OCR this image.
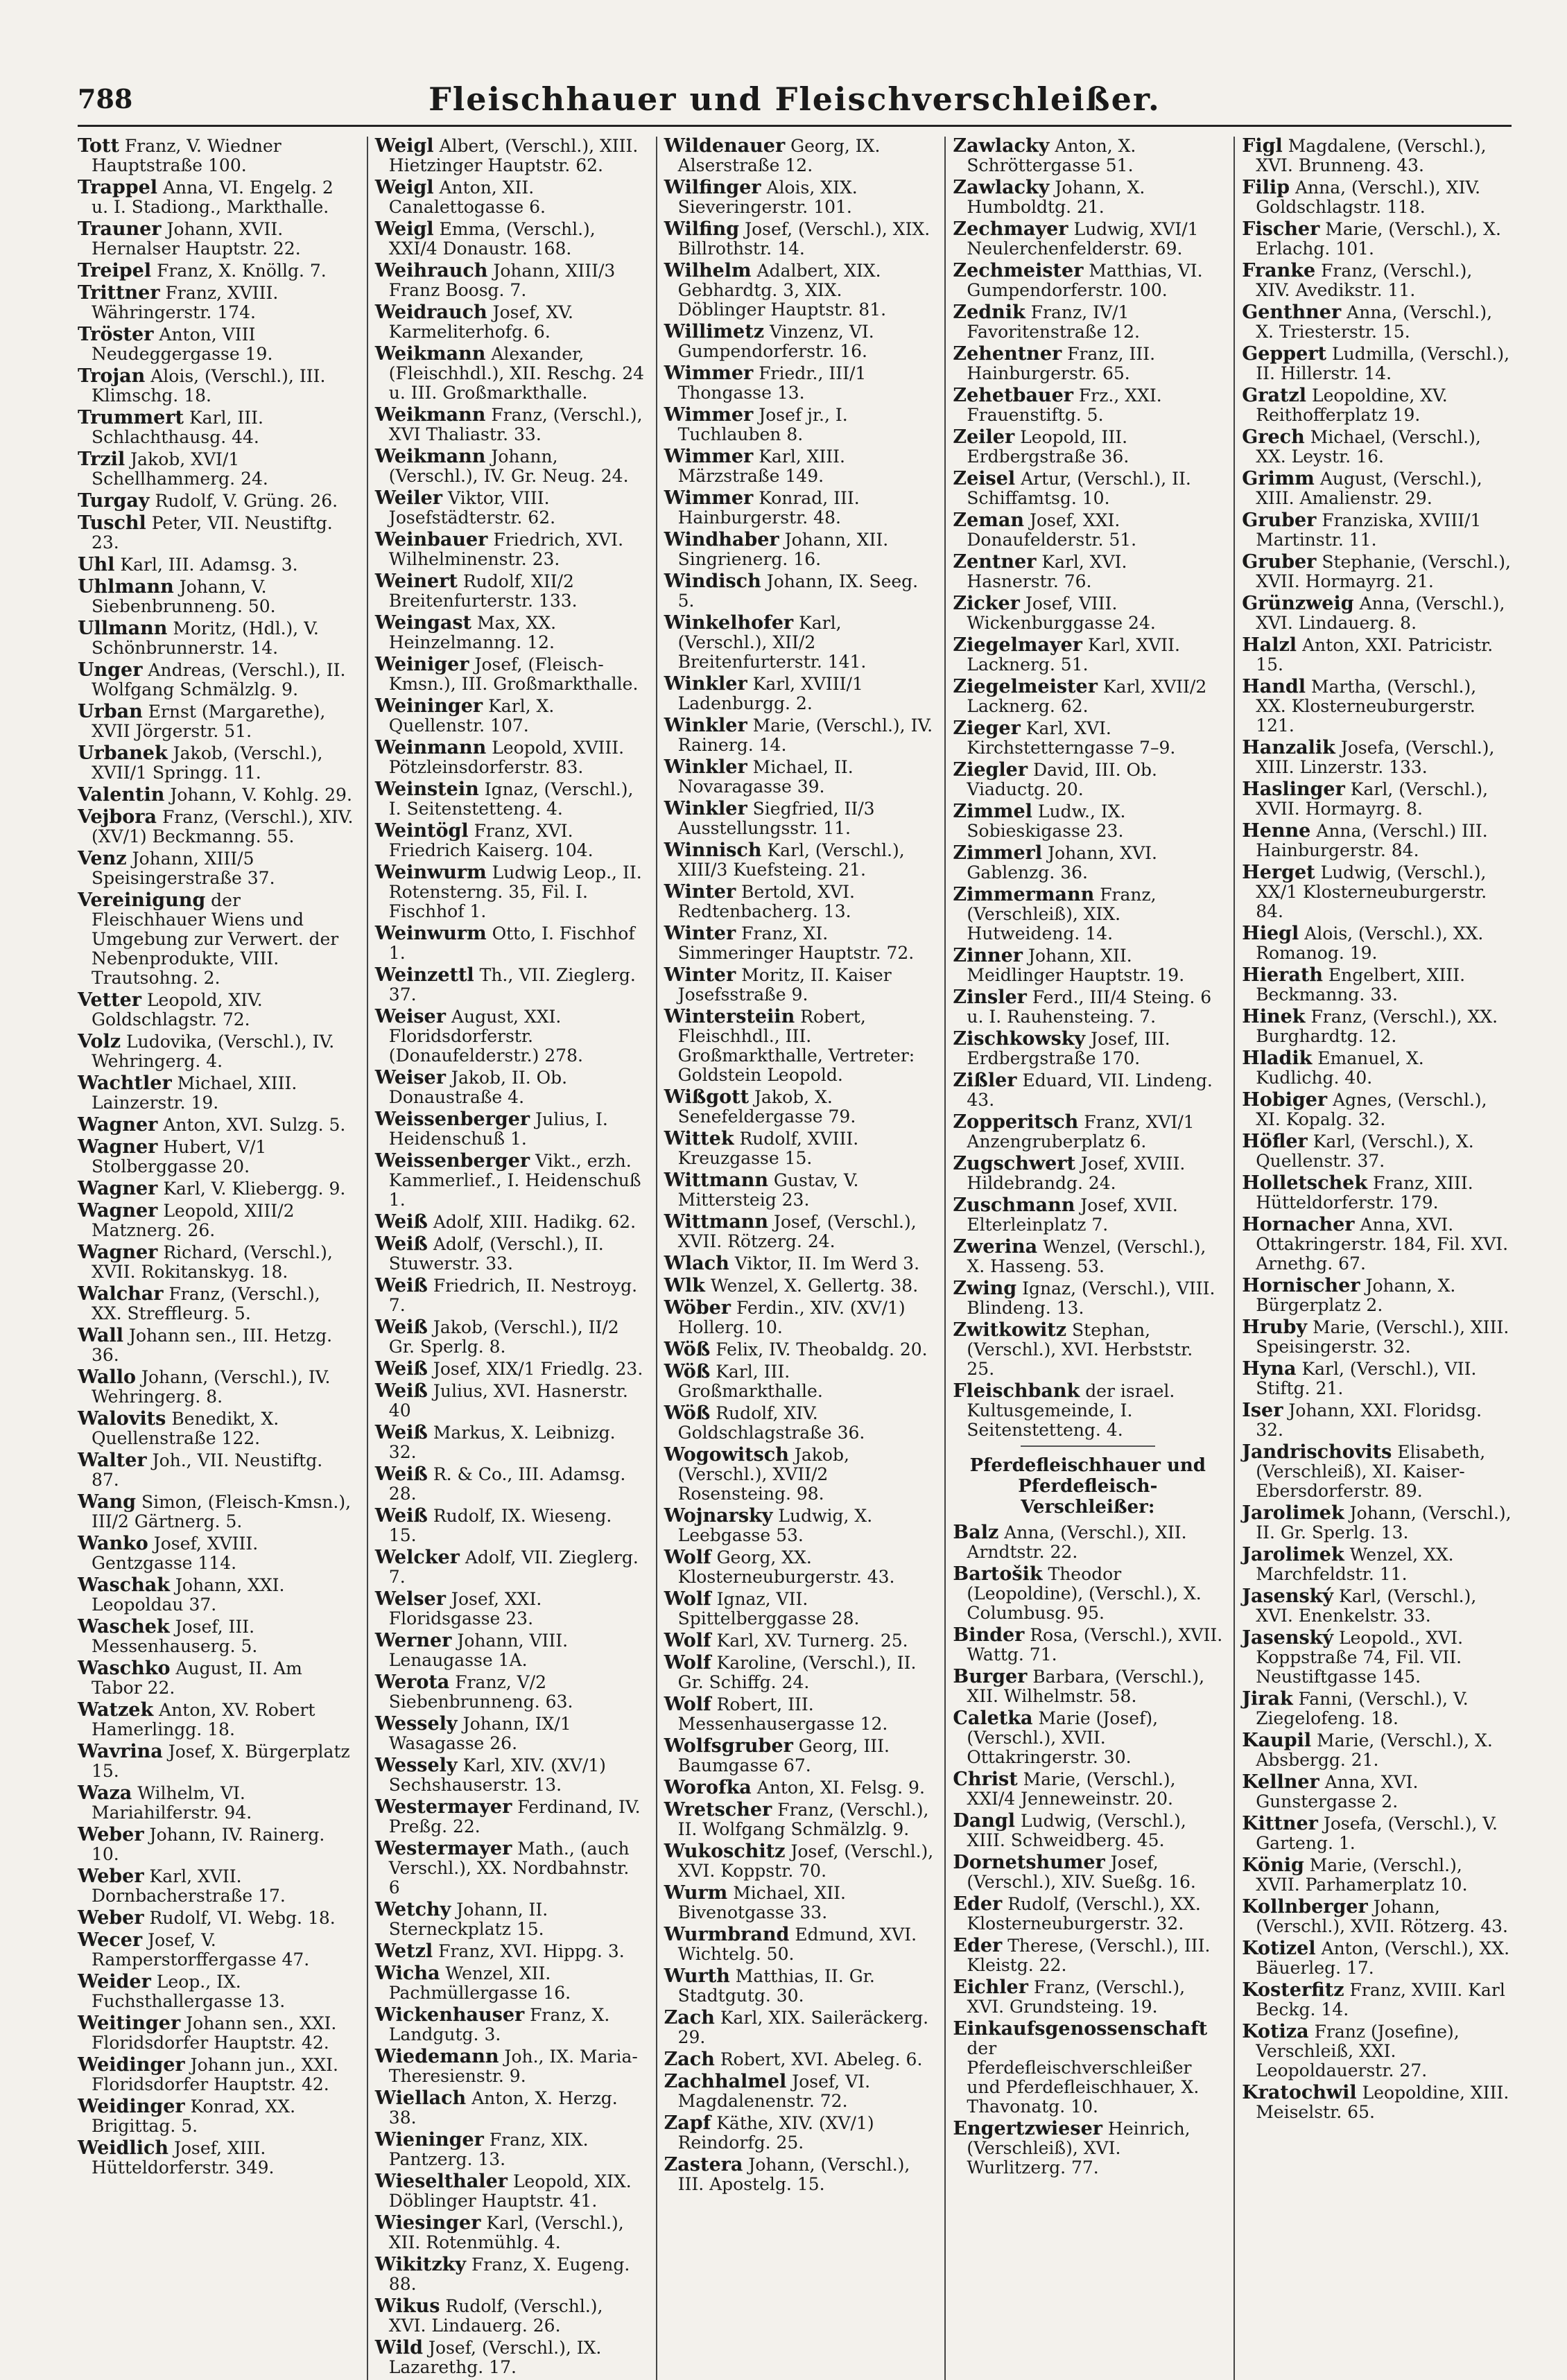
788	Fleischhauer und Fleischverschleißer.

Tott Franz, V. Wiedner Hauptstraße 100.

Trappel Anna, VI. Engelg. 2 u. I. Stadiong., Markthalle.

Trauner Johann, XVII. Hernalser Hauptstr. 22.

Treipel Franz, X. Knöllg. 7.

Trittner Franz, XVIII. Währingerstr. 174.

Tröster Anton, VIII Neudeggergasse 19.

Trojan Alois, (Verschl.), III. Klimschg. 18.

Trummert Karl, III. Schlachthausg. 44.

Trzil Jakob, XVI/1 Schellhammerg. 24.

Turgay Rudolf, V. Grüng. 26.

Tuschl Peter, VII. Neustiftg. 23.

Uhl Karl, III. Adamsg. 3.

Uhlmann Johann, V. Siebenbrunneng. 50.

Ullmann Moritz, (Hdl.), V. Schönbrunnerstr. 14.

Unger Andreas, (Verschl.), II. Wolfgang Schmälzlg. 9.

Urban Ernst (Margarethe), XVII Jörgerstr. 51.

Urbanek Jakob, (Verschl.), XVII/1 Springg. 11.

Valentin Johann, V. Kohlg. 29.

Vejbora Franz, (Verschl.), XIV. (XV/1) Beckmanng. 55.

Venz Johann, XIII/5 Speisingerstraße 37.

Vereinigung der Fleischhauer Wiens und Umgebung zur Verwert. der Nebenprodukte, VIII. Trautsohng. 2.

Vetter Leopold, XIV. Goldschlagstr. 72.

Volz Ludovika, (Verschl.), IV. Wehringerg. 4.

Wachtler Michael, XIII. Lainzerstr. 19.

Wagner Anton, XVI. Sulzg. 5.

Wagner Hubert, V/1 Stolberggasse 20.

Wagner Karl, V. Kliebergg. 9.

Wagner Leopold, XIII/2 Matznerg. 26.

Wagner Richard, (Verschl.), XVII. Rokitanskyg. 18.

Walchar Franz, (Verschl.), XX. Streffleurg. 5.

Wall Johann sen., III. Hetzg. 36.

Wallo Johann, (Verschl.), IV. Wehringerg. 8.

Walovits Benedikt, X. Quellenstraße 122.

Walter Joh., VII. Neustiftg. 87.

Wang Simon, (Fleisch-Kmsn.), III/2 Gärtnerg. 5.

Wanko Josef, XVIII. Gentzgasse 114.

Waschak Johann, XXI. Leopoldau 37.

Waschek Josef, III. Messenhauserg. 5.

Waschko August, II. Am Tabor 22.

Watzek Anton, XV. Robert Hamerlingg. 18.

Wavrina Josef, X. Bürgerplatz 15.

Waza Wilhelm, VI. Mariahilferstr. 94.

Weber Johann, IV. Rainerg. 10.

Weber Karl, XVII. Dornbacherstraße 17.

Weber Rudolf, VI. Webg. 18.

Wecer Josef, V. Ramperstorffergasse 47.

Weider Leop., IX. Fuchsthallergasse 13.

Weitinger Johann sen., XXI. Floridsdorfer Hauptstr. 42.

Weidinger Johann jun., XXI. Floridsdorfer Hauptstr. 42.

Weidinger Konrad, XX. Brigittag. 5.

Weidlich Josef, XIII. Hütteldorferstr. 349.

Weigl Albert, (Verschl.), XIII. Hietzinger Hauptstr. 62.

Weigl Anton, XII. Canalettogasse 6.

Weigl Emma, (Verschl.), XXI/4 Donaustr. 168.

Weihrauch Johann, XIII/3 Franz Boosg. 7.

Weidrauch Josef, XV. Karmeliterhofg. 6.

Weikmann Alexander, (Fleischhdl.), XII. Reschg. 24 u. III. Großmarkthalle.

Weikmann Franz, (Verschl.), XVI Thaliastr. 33.

Weikmann Johann, (Verschl.), IV. Gr. Neug. 24.

Weiler Viktor, VIII. Josefstädterstr. 62.

Weinbauer Friedrich, XVI. Wilhelminenstr. 23.

Weinert Rudolf, XII/2 Breitenfurterstr. 133.

Weingast Max, XX. Heinzelmanng. 12.

Weiniger Josef, (Fleisch-Kmsn.), III. Großmarkthalle.

Weininger Karl, X. Quellenstr. 107.

Weinmann Leopold, XVIII. Pötzleinsdorferstr. 83.

Weinstein Ignaz, (Verschl.), I. Seitenstetteng. 4.

Weintögl Franz, XVI. Friedrich Kaiserg. 104.

Weinwurm Ludwig Leop., II. Rotensterng. 35, Fil. I. Fischhof 1.

Weinwurm Otto, I. Fischhof 1.

Weinzettl Th., VII. Zieglerg. 37.

Weiser August, XXI. Floridsdorferstr. (Donaufelderstr.) 278.

Weiser Jakob, II. Ob. Donaustraße 4.

Weissenberger Julius, I. Heidenschuß 1.

Weissenberger Vikt., erzh. Kammerlief., I. Heidenschuß 1.

Weiß Adolf, XIII. Hadikg. 62.

Weiß Adolf, (Verschl.), II. Stuwerstr. 33.

Weiß Friedrich, II. Nestroyg. 7.

Weiß Jakob, (Verschl.), II/2 Gr. Sperlg. 8.

Weiß Josef, XIX/1 Friedlg. 23.

Weiß Julius, XVI. Hasnerstr. 40

Weiß Markus, X. Leibnizg. 32.

Weiß R. & Co., III. Adamsg. 28.

Weiß Rudolf, IX. Wieseng. 15.

Welcker Adolf, VII. Zieglerg. 7.

Welser Josef, XXI. Floridsgasse 23.

Werner Johann, VIII. Lenaugasse 1A.

Werota Franz, V/2 Siebenbrunneng. 63.

Wessely Johann, IX/1 Wasagasse 26.

Wessely Karl, XIV. (XV/1) Sechshauserstr. 13.

Westermayer Ferdinand, IV. Preßg. 22.

Westermayer Math., (auch Verschl.), XX. Nordbahnstr. 6

Wetchy Johann, II. Sterneckplatz 15.

Wetzl Franz, XVI. Hippg. 3.

Wicha Wenzel, XII. Pachmüllergasse 16.

Wickenhauser Franz, X. Landgutg. 3.

Wiedemann Joh., IX. Maria-Theresienstr. 9.

Wiellach Anton, X. Herzg. 38.

Wieninger Franz, XIX. Pantzerg. 13.

Wieselthaler Leopold, XIX. Döblinger Hauptstr. 41.

Wiesinger Karl, (Verschl.), XII. Rotenmühlg. 4.

Wikitzky Franz, X. Eugeng. 88.

Wikus Rudolf, (Verschl.), XVI. Lindauerg. 26.

Wild Josef, (Verschl.), IX. Lazarethg. 17.

Wildenauer Georg, IX. Alserstraße 12.

Wilfinger Alois, XIX. Sieveringerstr. 101.

Wilfing Josef, (Verschl.), XIX. Billrothstr. 14.

Wilhelm Adalbert, XIX. Gebhardtg. 3, XIX. Döblinger Hauptstr. 81.

Willimetz Vinzenz, VI. Gumpendorferstr. 16.

Wimmer Friedr., III/1 Thongasse 13.

Wimmer Josef jr., I. Tuchlauben 8.

Wimmer Karl, XIII. Märzstraße 149.

Wimmer Konrad, III. Hainburgerstr. 48.

Windhaber Johann, XII. Singrienerg. 16.

Windisch Johann, IX. Seeg. 5.

Winkelhofer Karl, (Verschl.), XII/2 Breitenfurterstr. 141.

Winkler Karl, XVIII/1 Ladenburgg. 2.

Winkler Marie, (Verschl.), IV. Rainerg. 14.

Winkler Michael, II. Novaragasse 39.

Winkler Siegfried, II/3 Ausstellungsstr. 11.

Winnisch Karl, (Verschl.), XIII/3 Kuefsteing. 21.

Winter Bertold, XVI. Redtenbacherg. 13.

Winter Franz, XI. Simmeringer Hauptstr. 72.

Winter Moritz, II. Kaiser Josefsstraße 9.

Wintersteiin Robert, Fleischhdl., III. Großmarkthalle, Vertreter: Goldstein Leopold.

Wißgott Jakob, X. Senefeldergasse 79.

Wittek Rudolf, XVIII. Kreuzgasse 15.

Wittmann Gustav, V. Mittersteig 23.

Wittmann Josef, (Verschl.), XVII. Rötzerg. 24.

Wlach Viktor, II. Im Werd 3.

Wlk Wenzel, X. Gellertg. 38.

Wöber Ferdin., XIV. (XV/1) Hollerg. 10.

Wöß Felix, IV. Theobaldg. 20.

Wöß Karl, III. Großmarkthalle.

Wöß Rudolf, XIV. Goldschlagstraße 36.

Wogowitsch Jakob, (Verschl.), XVII/2 Rosensteing. 98.

Wojnarsky Ludwig, X. Leebgasse 53.

Wolf Georg, XX. Klosterneuburgerstr. 43.

Wolf Ignaz, VII. Spittelberggasse 28.

Wolf Karl, XV. Turnerg. 25.

Wolf Karoline, (Verschl.), II. Gr. Schiffg. 24.

Wolf Robert, III. Messenhausergasse 12.

Wolfsgruber Georg, III. Baumgasse 67.

Worofka Anton, XI. Felsg. 9.

Wretscher Franz, (Verschl.), II. Wolfgang Schmälzlg. 9.

Wukoschitz Josef, (Verschl.), XVI. Koppstr. 70.

Wurm Michael, XII. Bivenotgasse 33.

Wurmbrand Edmund, XVI. Wichtelg. 50.

Wurth Matthias, II. Gr. Stadtgutg. 30.

Zach Karl, XIX. Saileräckerg. 29.

Zach Robert, XVI. Abeleg. 6.

Zachhalmel Josef, VI. Magdalenenstr. 72.

Zapf Käthe, XIV. (XV/1) Reindorfg. 25.

Zastera Johann, (Verschl.), III. Apostelg. 15.

Zawlacky Anton, X. Schröttergasse 51.

Zawlacky Johann, X. Humboldtg. 21.

Zechmayer Ludwig, XVI/1 Neulerchenfelderstr. 69.

Zechmeister Matthias, VI. Gumpendorferstr. 100.

Zednik Franz, IV/1 Favoritenstraße 12.

Zehentner Franz, III. Hainburgerstr. 65.

Zehetbauer Frz., XXI. Frauenstiftg. 5.

Zeiler Leopold, III. Erdbergstraße 36.

Zeisel Artur, (Verschl.), II. Schiffamtsg. 10.

Zeman Josef, XXI. Donaufelderstr. 51.

Zentner Karl, XVI. Hasnerstr. 76.

Zicker Josef, VIII. Wickenburggasse 24.

Ziegelmayer Karl, XVII. Lacknerg. 51.

Ziegelmeister Karl, XVII/2 Lacknerg. 62.

Zieger Karl, XVI. Kirchstetterngasse 7–9.

Ziegler David, III. Ob. Viaductg. 20.

Zimmel Ludw., IX. Sobieskigasse 23.

Zimmerl Johann, XVI. Gablenzg. 36.

Zimmermann Franz, (Verschleiß), XIX. Hutweideng. 14.

Zinner Johann, XII. Meidlinger Hauptstr. 19.

Zinsler Ferd., III/4 Steing. 6 u. I. Rauhensteing. 7.

Zischkowsky Josef, III. Erdbergstraße 170.

Zißler Eduard, VII. Lindeng. 43.

Zopperitsch Franz, XVI/1 Anzengruberplatz 6.

Zugschwert Josef, XVIII. Hildebrandg. 24.

Zuschmann Josef, XVII. Elterleinplatz 7.

Zwerina Wenzel, (Verschl.), X. Hasseng. 53.

Zwing Ignaz, (Verschl.), VIII. Blindeng. 13.

Zwitkowitz Stephan, (Verschl.), XVI. Herbststr. 25.

Fleischbank der israel. Kultusgemeinde, I. Seitenstetteng. 4.

Pferdefleischhauer und Pferdefleisch-Verschleißer:

Balz Anna, (Verschl.), XII. Arndtstr. 22.

Bartošik Theodor (Leopoldine), (Verschl.), X. Columbusg. 95.

Binder Rosa, (Verschl.), XVII. Wattg. 71.

Burger Barbara, (Verschl.), XII. Wilhelmstr. 58.

Caletka Marie (Josef), (Verschl.), XVII. Ottakringerstr. 30.

Christ Marie, (Verschl.), XXI/4 Jenneweinstr. 20.

Dangl Ludwig, (Verschl.), XIII. Schweidberg. 45.

Dornetshumer Josef, (Verschl.), XIV. Sueßg. 16.

Eder Rudolf, (Verschl.), XX. Klosterneuburgerstr. 32.

Eder Therese, (Verschl.), III. Kleistg. 22.

Eichler Franz, (Verschl.), XVI. Grundsteing. 19.

Einkaufsgenossenschaft der Pferdefleischverschleißer und Pferdefleischhauer, X. Thavonatg. 10.

Engertzwieser Heinrich, (Verschleiß), XVI. Wurlitzerg. 77.

Figl Magdalene, (Verschl.), XVI. Brunneng. 43.

Filip Anna, (Verschl.), XIV. Goldschlagstr. 118.

Fischer Marie, (Verschl.), X. Erlachg. 101.

Franke Franz, (Verschl.), XIV. Avedikstr. 11.

Genthner Anna, (Verschl.), X. Triesterstr. 15.

Geppert Ludmilla, (Verschl.), II. Hillerstr. 14.

Gratzl Leopoldine, XV. Reithofferplatz 19.

Grech Michael, (Verschl.), XX. Leystr. 16.

Grimm August, (Verschl.), XIII. Amalienstr. 29.

Gruber Franziska, XVIII/1 Martinstr. 11.

Gruber Stephanie, (Verschl.), XVII. Hormayrg. 21.

Grünzweig Anna, (Verschl.), XVI. Lindauerg. 8.

Halzl Anton, XXI. Patricistr. 15.

Handl Martha, (Verschl.), XX. Klosterneuburgerstr. 121.

Hanzalik Josefa, (Verschl.), XIII. Linzerstr. 133.

Haslinger Karl, (Verschl.), XVII. Hormayrg. 8.

Henne Anna, (Verschl.) III. Hainburgerstr. 84.

Herget Ludwig, (Verschl.), XX/1 Klosterneuburgerstr. 84.

Hiegl Alois, (Verschl.), XX. Romanog. 19.

Hierath Engelbert, XIII. Beckmanng. 33.

Hinek Franz, (Verschl.), XX. Burghardtg. 12.

Hladik Emanuel, X. Kudlichg. 40.

Hobiger Agnes, (Verschl.), XI. Kopalg. 32.

Höfler Karl, (Verschl.), X. Quellenstr. 37.

Holletschek Franz, XIII. Hütteldorferstr. 179.

Hornacher Anna, XVI. Ottakringerstr. 184, Fil. XVI. Arnethg. 67.

Hornischer Johann, X. Bürgerplatz 2.

Hruby Marie, (Verschl.), XIII. Speisingerstr. 32.

Hyna Karl, (Verschl.), VII. Stiftg. 21.

Iser Johann, XXI. Floridsg. 32.

Jandrischovits Elisabeth, (Verschleiß), XI. Kaiser-Ebersdorferstr. 89.

Jarolimek Johann, (Verschl.), II. Gr. Sperlg. 13.

Jarolimek Wenzel, XX. Marchfeldstr. 11.

Jasenský Karl, (Verschl.), XVI. Enenkelstr. 33.

Jasenský Leopold., XVI. Koppstraße 74, Fil. VII. Neustiftgasse 145.

Jirak Fanni, (Verschl.), V. Ziegelofeng. 18.

Kaupil Marie, (Verschl.), X. Absbergg. 21.

Kellner Anna, XVI. Gunstergasse 2.

Kittner Josefa, (Verschl.), V. Garteng. 1.

König Marie, (Verschl.), XVII. Parhamerplatz 10.

Kollnberger Johann, (Verschl.), XVII. Rötzerg. 43.

Kotizel Anton, (Verschl.), XX. Bäuerleg. 17.

Kosterfitz Franz, XVIII. Karl Beckg. 14.

Kotiza Franz (Josefine), Verschleiß, XXI. Leopoldauerstr. 27.

Kratochwil Leopoldine, XIII. Meiselstr. 65.
